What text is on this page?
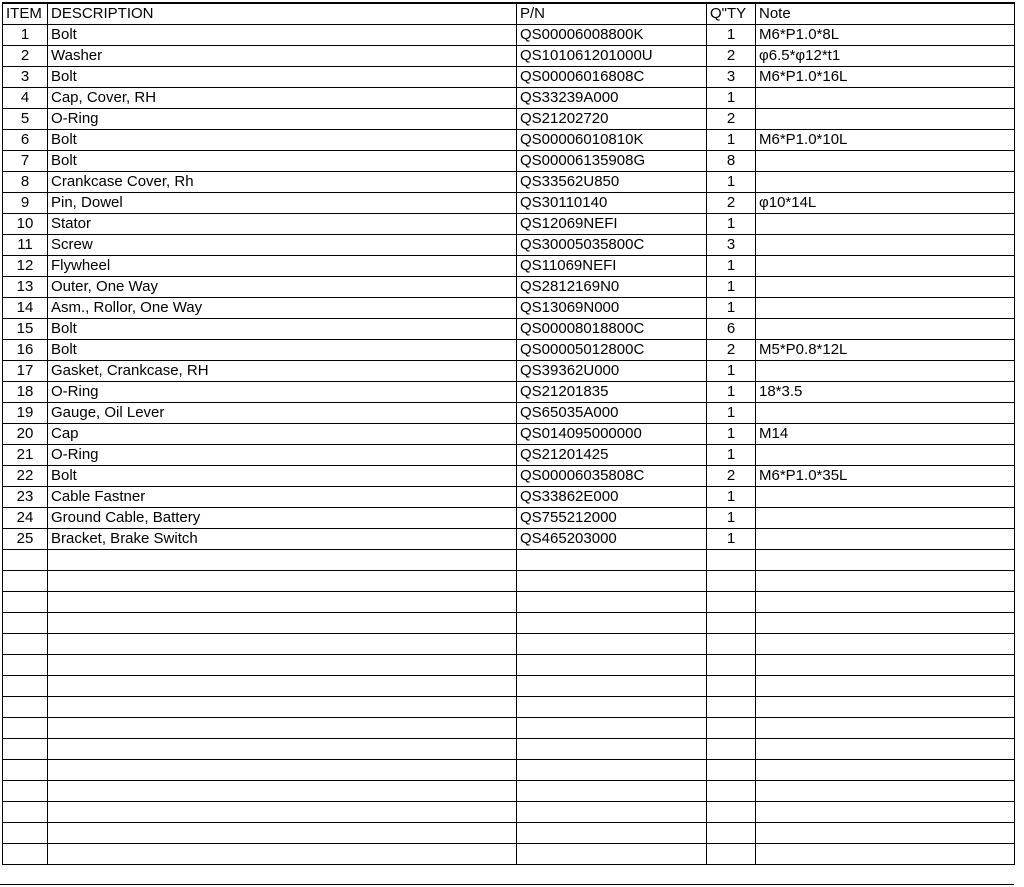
ITEM	DESCRIPTION	P/N	Q"TY	Note
1	Bolt	QS00006008800K	1	M6*P1.0*8L
2	Washer	QS101061201000U	2	φ6.5*φ12*t1
3	Bolt	QS00006016808C	3	M6*P1.0*16L
4	Cap, Cover, RH	QS33239A000	1	
5	O-Ring	QS21202720	2	
6	Bolt	QS00006010810K	1	M6*P1.0*10L
7	Bolt	QS00006135908G	8	
8	Crankcase Cover, Rh	QS33562U850	1	
9	Pin, Dowel	QS30110140	2	φ10*14L
10	Stator	QS12069NEFI	1	
11	Screw	QS30005035800C	3	
12	Flywheel	QS11069NEFI	1	
13	Outer, One Way	QS2812169N0	1	
14	Asm., Rollor, One Way	QS13069N000	1	
15	Bolt	QS00008018800C	6	
16	Bolt	QS00005012800C	2	M5*P0.8*12L
17	Gasket, Crankcase, RH	QS39362U000	1	
18	O-Ring	QS21201835	1	18*3.5
19	Gauge, Oil Lever	QS65035A000	1	
20	Cap	QS014095000000	1	M14
21	O-Ring	QS21201425	1	
22	Bolt	QS00006035808C	2	M6*P1.0*35L
23	Cable Fastner	QS33862E000	1	
24	Ground Cable, Battery	QS755212000	1	
25	Bracket, Brake Switch	QS465203000	1	
